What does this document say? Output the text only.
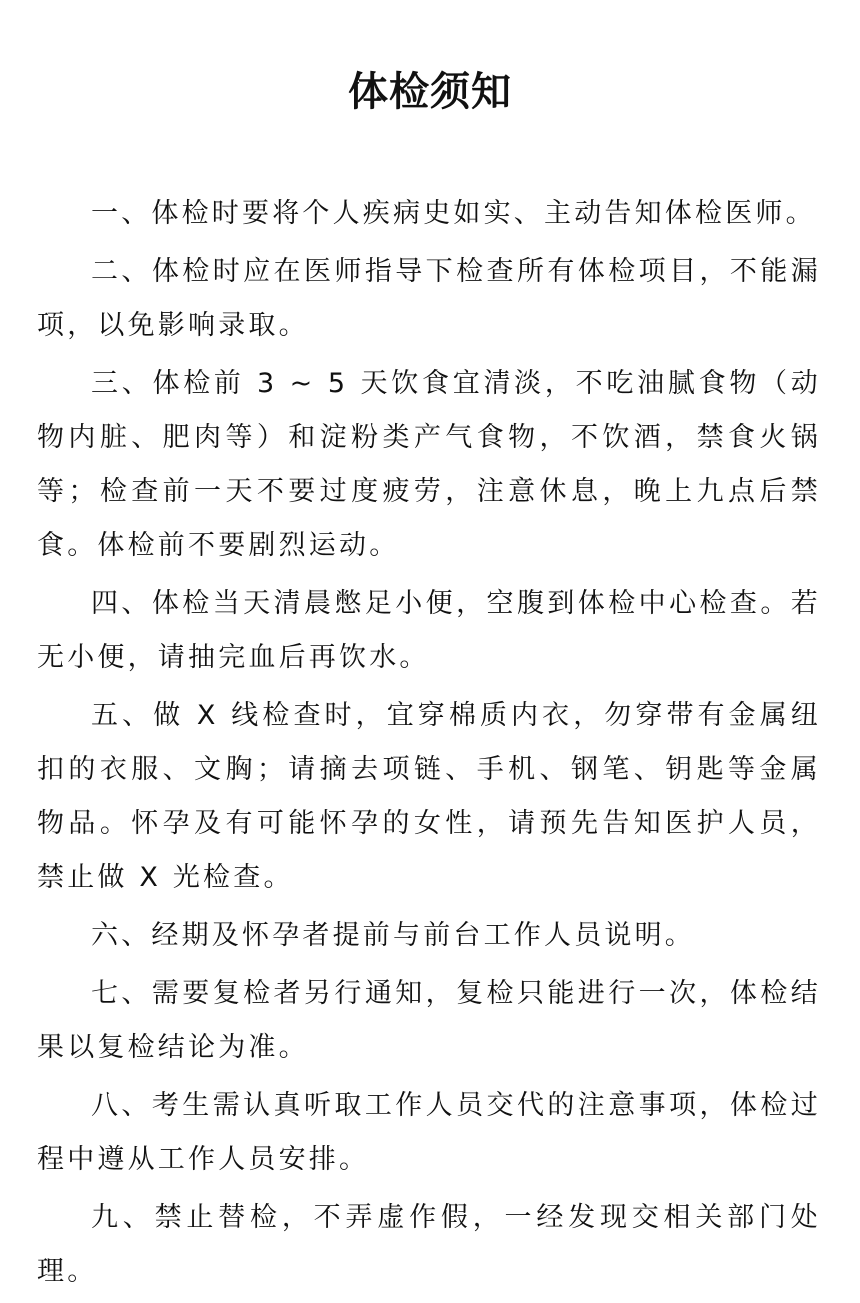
体检须知

一、体检时要将个人疾病史如实、主动告知体检医师。

二、体检时应在医师指导下检查所有体检项目，不能漏项，以免影响录取。

三、体检前 3 ~ 5 天饮食宜清淡，不吃油腻食物（动物内脏、肥肉等）和淀粉类产气食物，不饮酒，禁食火锅等；检查前一天不要过度疲劳，注意休息，晚上九点后禁食。体检前不要剧烈运动。

四、体检当天清晨憋足小便，空腹到体检中心检查。若无小便，请抽完血后再饮水。

五、做 X 线检查时，宜穿棉质内衣，勿穿带有金属纽扣的衣服、文胸；请摘去项链、手机、钢笔、钥匙等金属物品。怀孕及有可能怀孕的女性，请预先告知医护人员，禁止做 X 光检查。

六、经期及怀孕者提前与前台工作人员说明。

七、需要复检者另行通知，复检只能进行一次，体检结果以复检结论为准。

八、考生需认真听取工作人员交代的注意事项，体检过程中遵从工作人员安排。

九、禁止替检，不弄虚作假，一经发现交相关部门处理。
